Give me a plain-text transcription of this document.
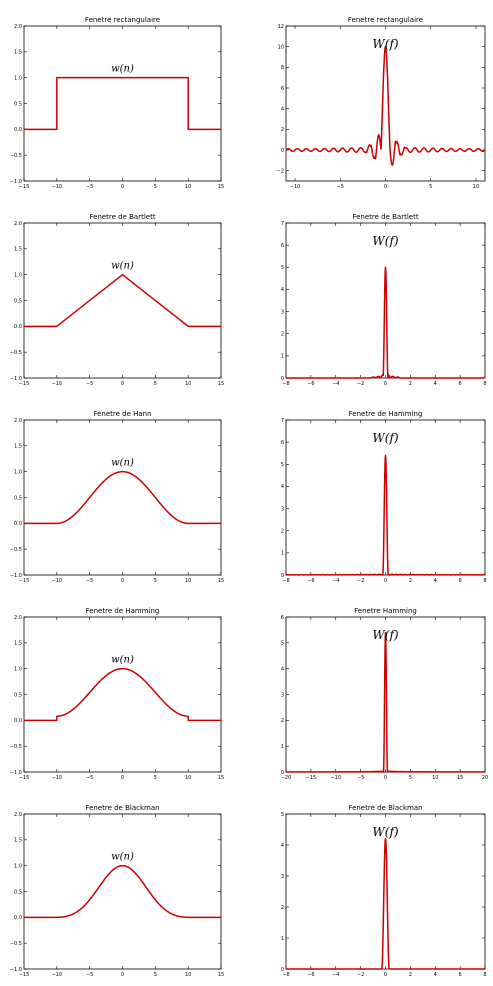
Fenetre rectangulaire
−15	−10	−5	0	5	10	15
−1.0
−0.5
0.0
0.5
1.0
1.5
2.0
w(n)
Fenetre rectangulaire
−10	−5	0	5	10
−2
0
2
4
6
8
10
12
W(f)
Fenetre de Bartlett
−15	−10	−5	0	5	10	15
−1.0
−0.5
0.0
0.5
1.0
1.5
2.0
w(n)
Fenetre de Bartlett
−8	−6	−4	−2	0	2	4	6	8
0
1
2
3
4
5
6
7
W(f)
Fenetre de Hann
−15	−10	−5	0	5	10	15
−1.0
−0.5
0.0
0.5
1.0
1.5
2.0
w(n)
Fenetre de Hamming
−8	−6	−4	−2	0	2	4	6	8
0
1
2
3
4
5
6
7
W(f)
Fenetre de Hamming
−15	−10	−5	0	5	10	15
−1.0
−0.5
0.0
0.5
1.0
1.5
2.0
w(n)
Fenetre Hamming
−20	−15	−10	−5	0	5	10	15	20
0
1
2
3
4
5
6
W(f)
Fenetre de Blackman
−15	−10	−5	0	5	10	15
−1.0
−0.5
0.0
0.5
1.0
1.5
2.0
w(n)
Fenetre de Blackman
−8	−6	−4	−2	0	2	4	6	8
0
1
2
3
4
5
W(f)
